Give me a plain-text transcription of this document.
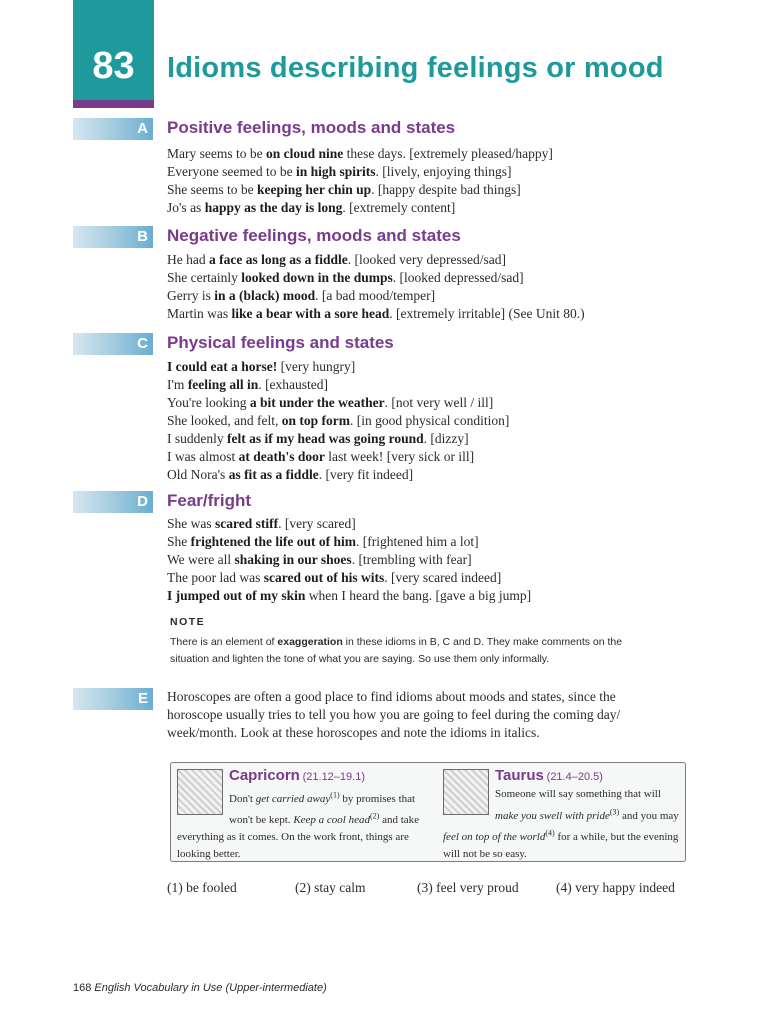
83	Idioms describing feelings or mood
A Positive feelings, moods and states
Mary seems to be on cloud nine these days. [extremely pleased/happy]
Everyone seemed to be in high spirits. [lively, enjoying things]
She seems to be keeping her chin up. [happy despite bad things]
Jo's as happy as the day is long. [extremely content]
B Negative feelings, moods and states
He had a face as long as a fiddle. [looked very depressed/sad]
She certainly looked down in the dumps. [looked depressed/sad]
Gerry is in a (black) mood. [a bad mood/temper]
Martin was like a bear with a sore head. [extremely irritable] (See Unit 80.)
C Physical feelings and states
I could eat a horse! [very hungry]
I'm feeling all in. [exhausted]
You're looking a bit under the weather. [not very well / ill]
She looked, and felt, on top form. [in good physical condition]
I suddenly felt as if my head was going round. [dizzy]
I was almost at death's door last week! [very sick or ill]
Old Nora's as fit as a fiddle. [very fit indeed]
D Fear/fright
She was scared stiff. [very scared]
She frightened the life out of him. [frightened him a lot]
We were all shaking in our shoes. [trembling with fear]
The poor lad was scared out of his wits. [very scared indeed]
I jumped out of my skin when I heard the bang. [gave a big jump]
NOTE

There is an element of exaggeration in these idioms in B, C and D. They make comments on the situation and lighten the tone of what you are saying. So use them only informally.

E	Horoscopes are often a good place to find idioms about moods and states, since the horoscope usually tries to tell you how you are going to feel during the coming day/ week/month. Look at these horoscopes and note the idioms in italics.

Capricorn (21.12–19.1)
Don't get carried away$^{(1)}$ by promises that won't be kept. Keep a cool head$^{(2)}$ and take everything as it comes. On the work front, things are looking better.
Taurus (21.4–20.5)
Someone will say something that will make you swell with pride$^{(3)}$ and you may feel on top of the world$^{(4)}$ for a while, but the evening will not be so easy.
(1) be fooled	(2) stay calm	(3) feel very proud	(4) very happy indeed
168 English Vocabulary in Use (Upper-intermediate)
